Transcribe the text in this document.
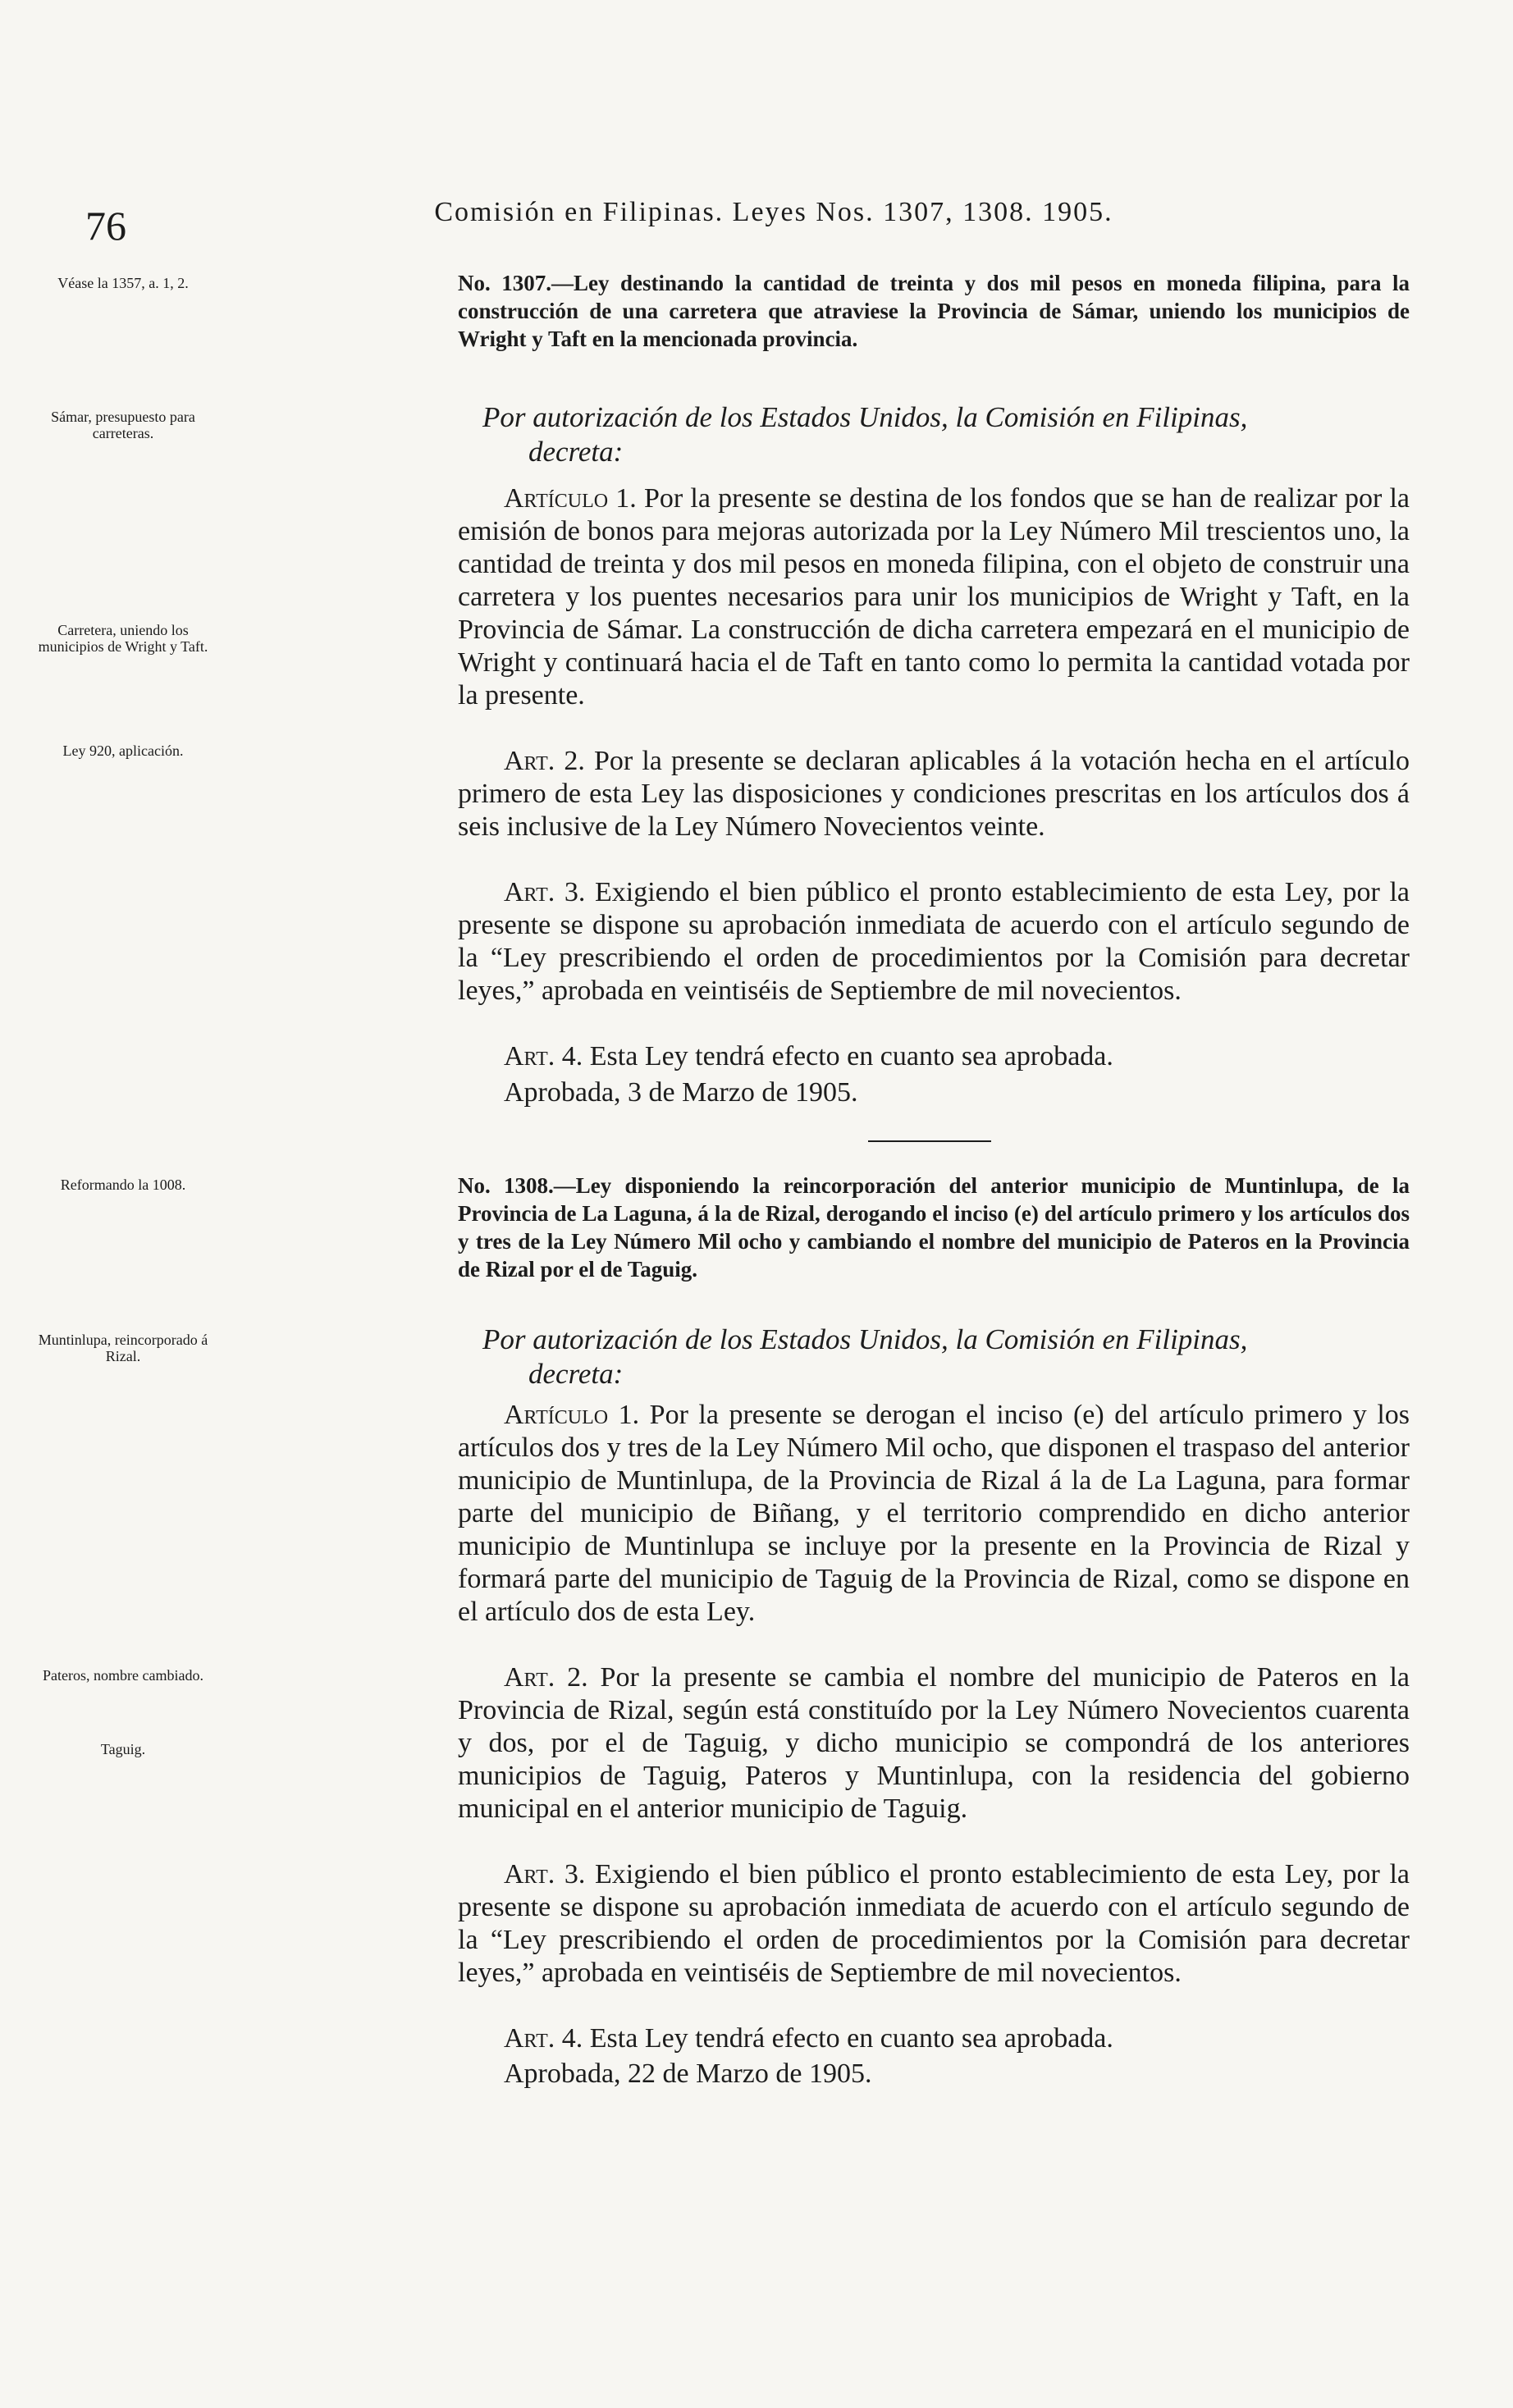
76	Comisión en Filipinas. Leyes Nos. 1307, 1308. 1905.
Véase la 1357, a. 1, 2.	No. 1307.—Ley destinando la cantidad de treinta y dos mil pesos en moneda filipina, para la construcción de una carretera que atraviese la Provincia de Sámar, uniendo los municipios de Wright y Taft en la mencionada provincia.
Sámar, presupuesto para carreteras.	Por autorización de los Estados Unidos, la Comisión en Filipinas,
decreta:
Carretera, uniendo los municipios de Wright y Taft.

Artículo 1. Por la presente se destina de los fondos que se han de realizar por la emisión de bonos para mejoras autorizada por la Ley Número Mil trescientos uno, la cantidad de treinta y dos mil pesos en moneda filipina, con el objeto de construir una carretera y los puentes necesarios para unir los municipios de Wright y Taft, en la Provincia de Sámar. La construcción de dicha carretera empezará en el municipio de Wright y continuará hacia el de Taft en tanto como lo permita la cantidad votada por la presente.

Ley 920, aplicación.	Art. 2. Por la presente se declaran aplicables á la votación hecha en el artículo primero de esta Ley las disposiciones y condiciones prescritas en los artículos dos á seis inclusive de la Ley Número Novecientos veinte.

Art. 3. Exigiendo el bien público el pronto establecimiento de esta Ley, por la presente se dispone su aprobación inmediata de acuerdo con el artículo segundo de la “Ley prescribiendo el orden de procedimientos por la Comisión para decretar leyes,” aprobada en veintiséis de Septiembre de mil novecientos.

Art. 4. Esta Ley tendrá efecto en cuanto sea aprobada.

Aprobada, 3 de Marzo de 1905.
Reformando la 1008.	No. 1308.—Ley disponiendo la reincorporación del anterior municipio de Muntinlupa, de la Provincia de La Laguna, á la de Rizal, derogando el inciso (e) del artículo primero y los artículos dos y tres de la Ley Número Mil ocho y cambiando el nombre del municipio de Pateros en la Provincia de Rizal por el de Taguig.
Muntinlupa, reincorporado á Rizal.
Por autorización de los Estados Unidos, la Comisión en Filipinas,
decreta:

Artículo 1. Por la presente se derogan el inciso (e) del artículo primero y los artículos dos y tres de la Ley Número Mil ocho, que disponen el traspaso del anterior municipio de Muntinlupa, de la Provincia de Rizal á la de La Laguna, para formar parte del municipio de Biñang, y el territorio comprendido en dicho anterior municipio de Muntinlupa se incluye por la presente en la Provincia de Rizal y formará parte del municipio de Taguig de la Provincia de Rizal, como se dispone en el artículo dos de esta Ley.

Pateros, nombre cambiado.
Taguig.

Art. 2. Por la presente se cambia el nombre del municipio de Pateros en la Provincia de Rizal, según está constituído por la Ley Número Novecientos cuarenta y dos, por el de Taguig, y dicho municipio se compondrá de los anteriores municipios de Taguig, Pateros y Muntinlupa, con la residencia del gobierno municipal en el anterior municipio de Taguig.

Art. 3. Exigiendo el bien público el pronto establecimiento de esta Ley, por la presente se dispone su aprobación inmediata de acuerdo con el artículo segundo de la “Ley prescribiendo el orden de procedimientos por la Comisión para decretar leyes,” aprobada en veintiséis de Septiembre de mil novecientos.

Art. 4. Esta Ley tendrá efecto en cuanto sea aprobada.

Aprobada, 22 de Marzo de 1905.
